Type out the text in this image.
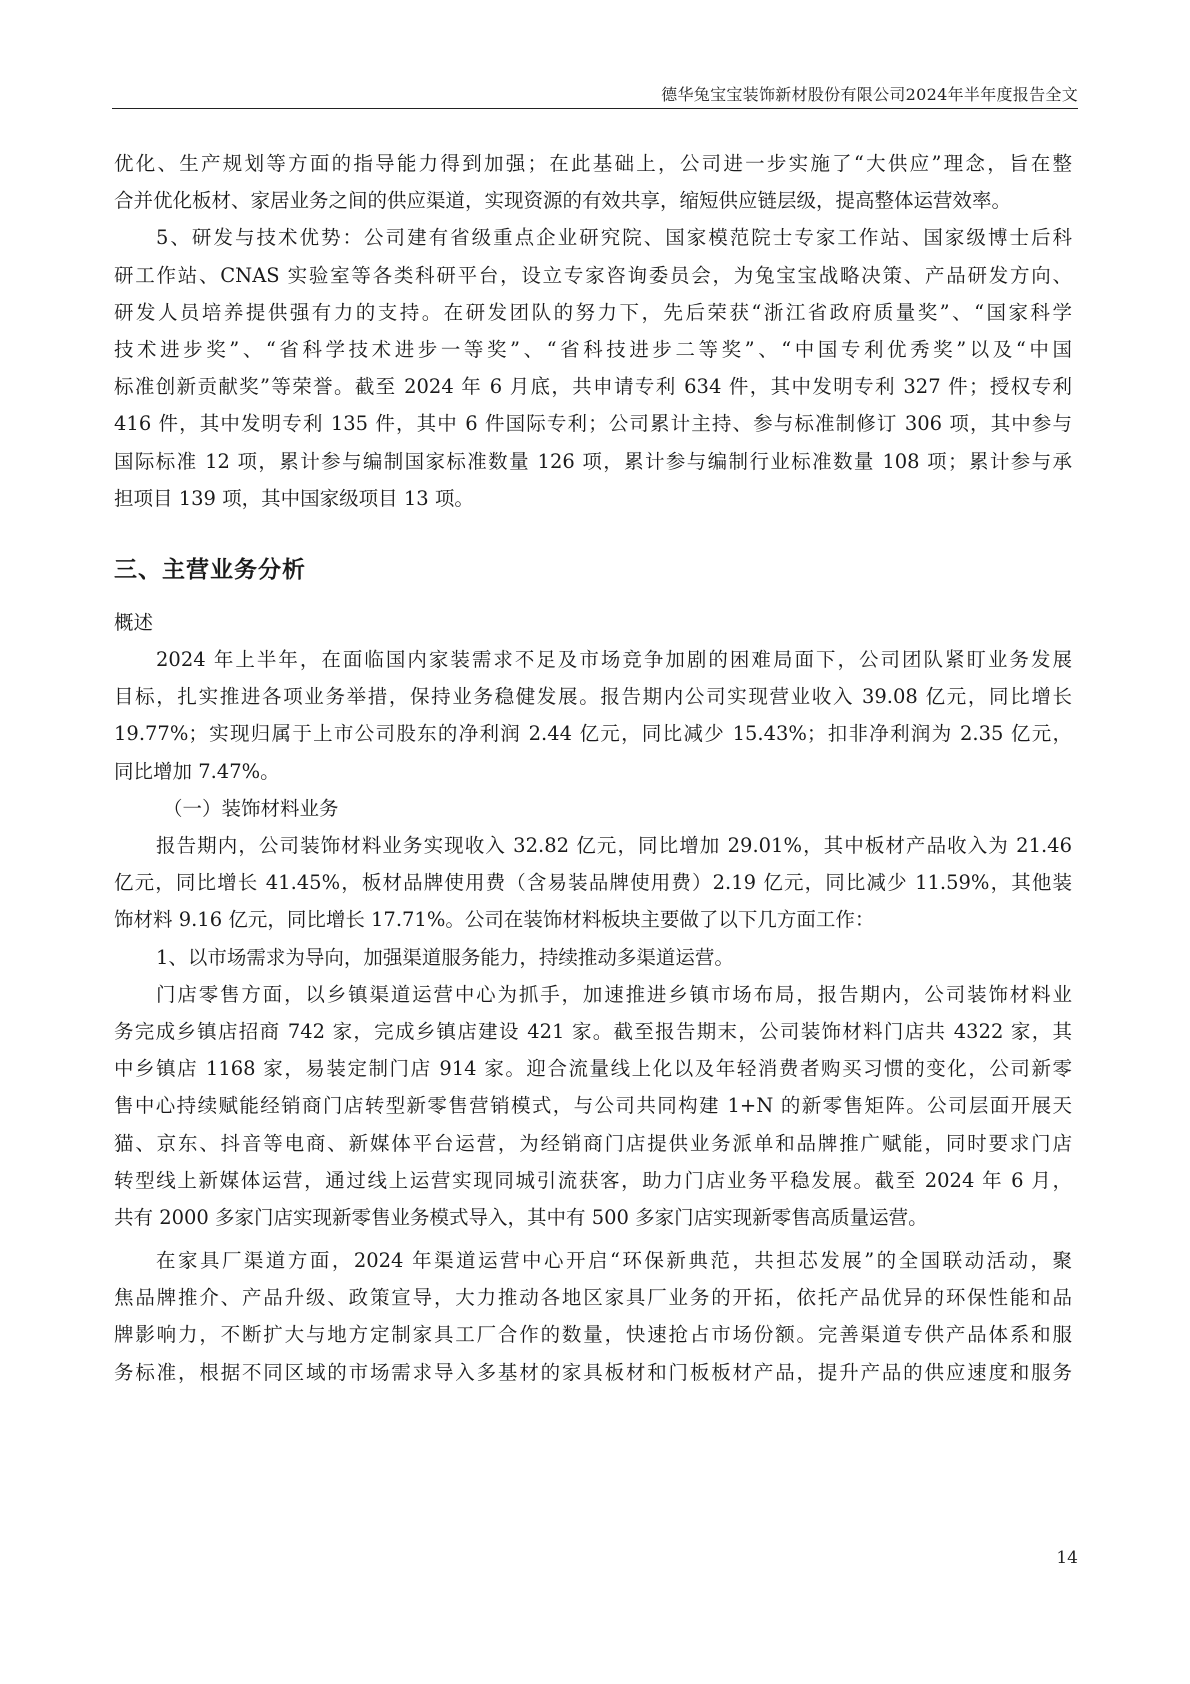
德华兔宝宝装饰新材股份有限公司2024年半年度报告全文
优化、生产规划等方面的指导能力得到加强；在此基础上，公司进一步实施了“大供应”理念，旨在整
合并优化板材、家居业务之间的供应渠道，实现资源的有效共享，缩短供应链层级，提高整体运营效率。
5、研发与技术优势：公司建有省级重点企业研究院、国家模范院士专家工作站、国家级博士后科
研工作站、CNAS 实验室等各类科研平台，设立专家咨询委员会，为兔宝宝战略决策、产品研发方向、
研发人员培养提供强有力的支持。在研发团队的努力下，先后荣获“浙江省政府质量奖”、“国家科学
技术进步奖”、“省科学技术进步一等奖”、“省科技进步二等奖”、“中国专利优秀奖”以及“中国
标准创新贡献奖”等荣誉。截至 2024 年 6 月底，共申请专利 634 件，其中发明专利 327 件；授权专利
416 件，其中发明专利 135 件，其中 6 件国际专利；公司累计主持、参与标准制修订 306 项，其中参与
国际标准 12 项，累计参与编制国家标准数量 126 项，累计参与编制行业标准数量 108 项；累计参与承
担项目 139 项，其中国家级项目 13 项。
三、主营业务分析
概述
2024 年上半年，在面临国内家装需求不足及市场竞争加剧的困难局面下，公司团队紧盯业务发展
目标，扎实推进各项业务举措，保持业务稳健发展。报告期内公司实现营业收入 39.08 亿元，同比增长
19.77%；实现归属于上市公司股东的净利润 2.44 亿元，同比减少 15.43%；扣非净利润为 2.35 亿元，
同比增加 7.47%。
（一）装饰材料业务
报告期内，公司装饰材料业务实现收入 32.82 亿元，同比增加 29.01%，其中板材产品收入为 21.46
亿元，同比增长 41.45%，板材品牌使用费（含易装品牌使用费）2.19 亿元，同比减少 11.59%，其他装
饰材料 9.16 亿元，同比增长 17.71%。公司在装饰材料板块主要做了以下几方面工作：
1、以市场需求为导向，加强渠道服务能力，持续推动多渠道运营。
门店零售方面，以乡镇渠道运营中心为抓手，加速推进乡镇市场布局，报告期内，公司装饰材料业
务完成乡镇店招商 742 家，完成乡镇店建设 421 家。截至报告期末，公司装饰材料门店共 4322 家，其
中乡镇店 1168 家，易装定制门店 914 家。迎合流量线上化以及年轻消费者购买习惯的变化，公司新零
售中心持续赋能经销商门店转型新零售营销模式，与公司共同构建 1+N 的新零售矩阵。公司层面开展天
猫、京东、抖音等电商、新媒体平台运营，为经销商门店提供业务派单和品牌推广赋能，同时要求门店
转型线上新媒体运营，通过线上运营实现同城引流获客，助力门店业务平稳发展。截至 2024 年 6 月，
共有 2000 多家门店实现新零售业务模式导入，其中有 500 多家门店实现新零售高质量运营。
在家具厂渠道方面，2024 年渠道运营中心开启“环保新典范，共担芯发展”的全国联动活动，聚
焦品牌推介、产品升级、政策宣导，大力推动各地区家具厂业务的开拓，依托产品优异的环保性能和品
牌影响力，不断扩大与地方定制家具工厂合作的数量，快速抢占市场份额。完善渠道专供产品体系和服
务标准，根据不同区域的市场需求导入多基材的家具板材和门板板材产品，提升产品的供应速度和服务
14
